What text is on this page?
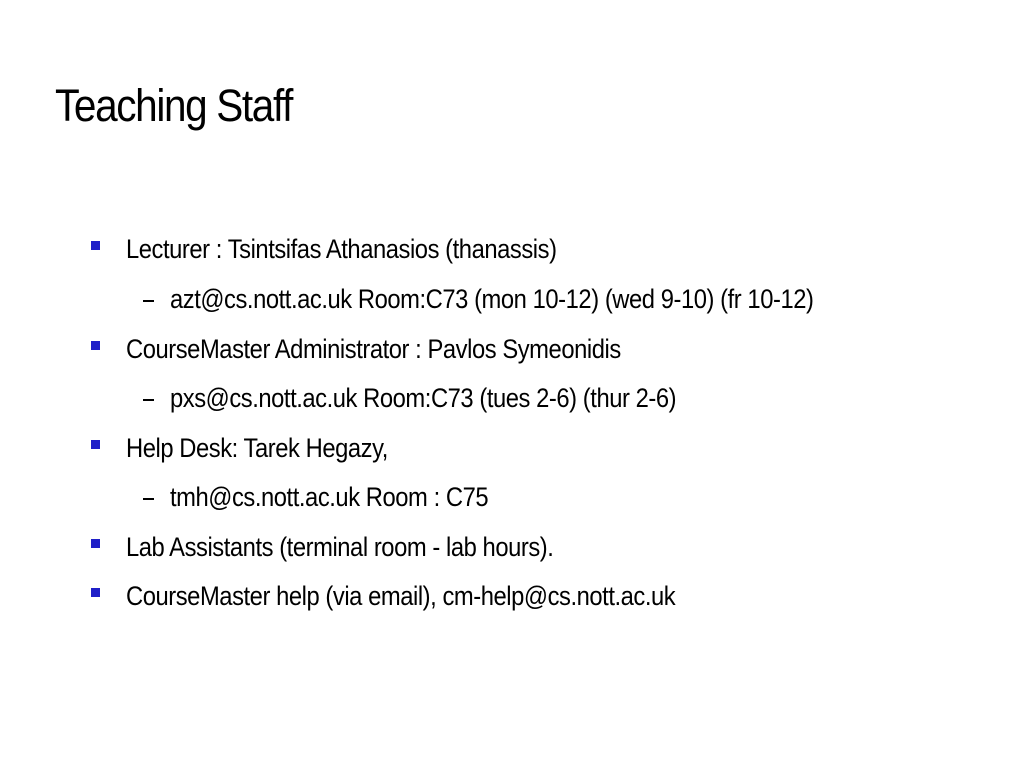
Teaching Staff
Lecturer : Tsintsifas Athanasios (thanassis)
azt@cs.nott.ac.uk Room:C73 (mon 10-12) (wed 9-10) (fr 10-12)
CourseMaster Administrator : Pavlos Symeonidis
pxs@cs.nott.ac.uk Room:C73 (tues 2-6) (thur 2-6)
Help Desk: Tarek Hegazy,
tmh@cs.nott.ac.uk Room : C75
Lab Assistants (terminal room - lab hours).
CourseMaster help (via email), cm-help@cs.nott.ac.uk
